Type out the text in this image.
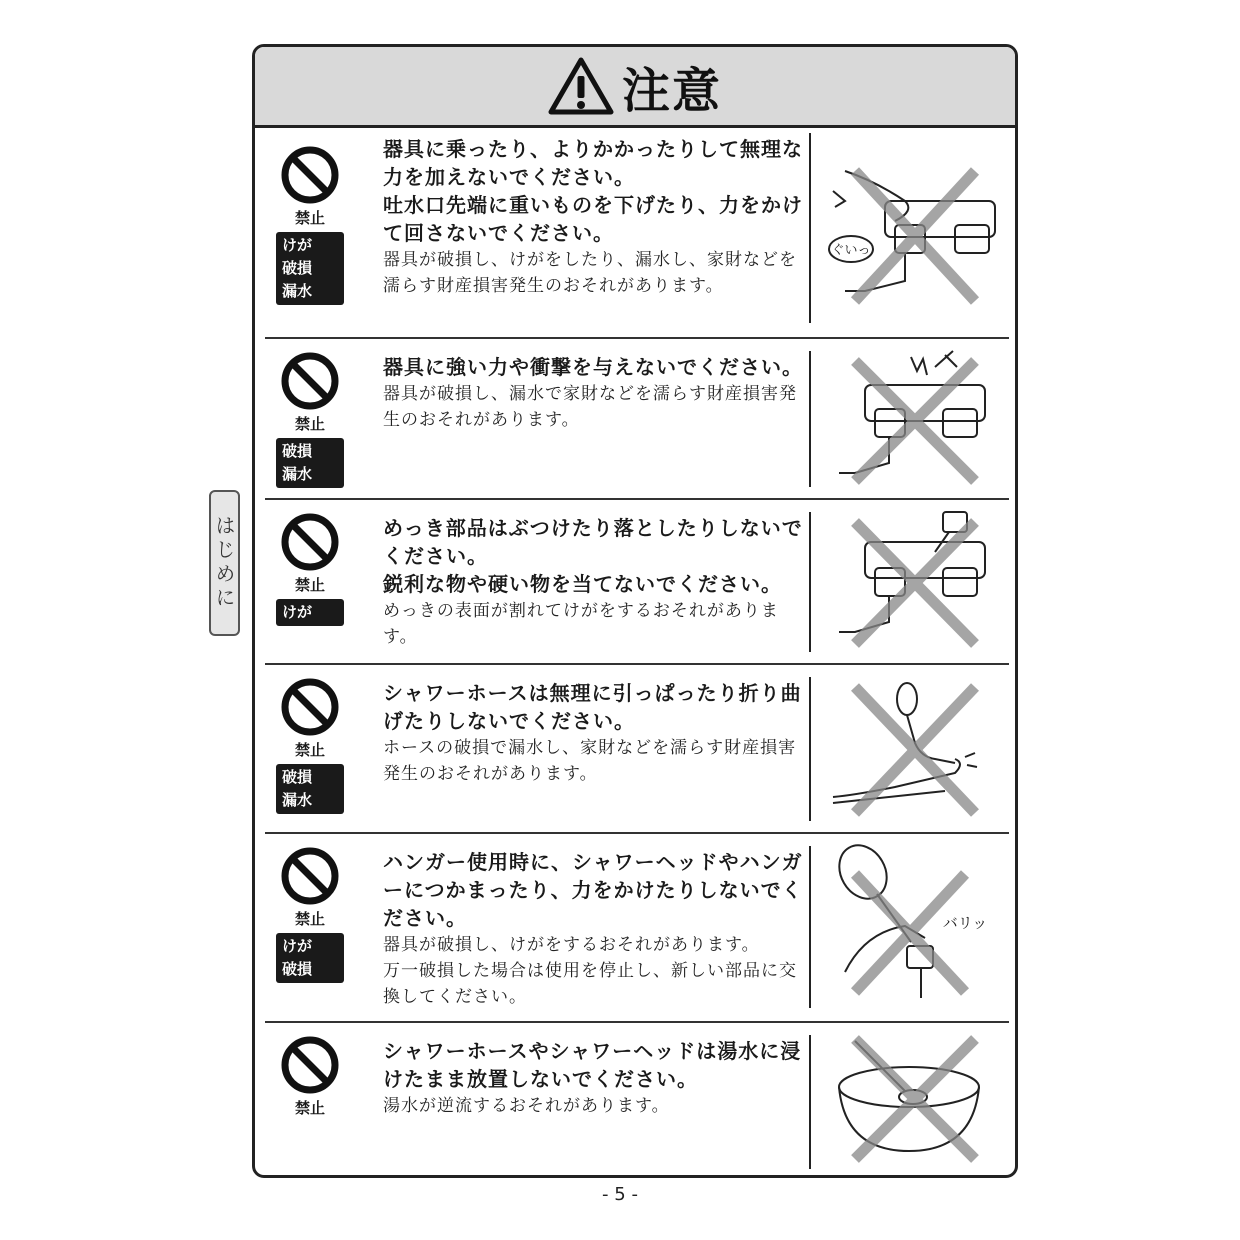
注意
禁止
けが
破損
漏水

器具に乗ったり、よりかかったりして無理な力を加えないでください。

吐水口先端に重いものを下げたり、力をかけて回さないでください。

器具が破損し、けがをしたり、漏水し、家財などを濡らす財産損害発生のおそれがあります。

ぐいっ
禁止
破損
漏水

器具に強い力や衝撃を与えないでください。

器具が破損し、漏水で家財などを濡らす財産損害発生のおそれがあります。

禁止
けが

めっき部品はぶつけたり落としたりしないでください。

鋭利な物や硬い物を当てないでください。

めっきの表面が割れてけがをするおそれがあります。

禁止
破損
漏水

シャワーホースは無理に引っぱったり折り曲げたりしないでください。

ホースの破損で漏水し、家財などを濡らす財産損害発生のおそれがあります。

禁止
けが
破損

ハンガー使用時に、シャワーヘッドやハンガーにつかまったり、力をかけたりしないでください。

器具が破損し、けがをするおそれがあります。

万一破損した場合は使用を停止し、新しい部品に交換してください。

バリッ
禁止

シャワーホースやシャワーヘッドは湯水に浸けたまま放置しないでください。

湯水が逆流するおそれがあります。

はじめに
- 5 -
